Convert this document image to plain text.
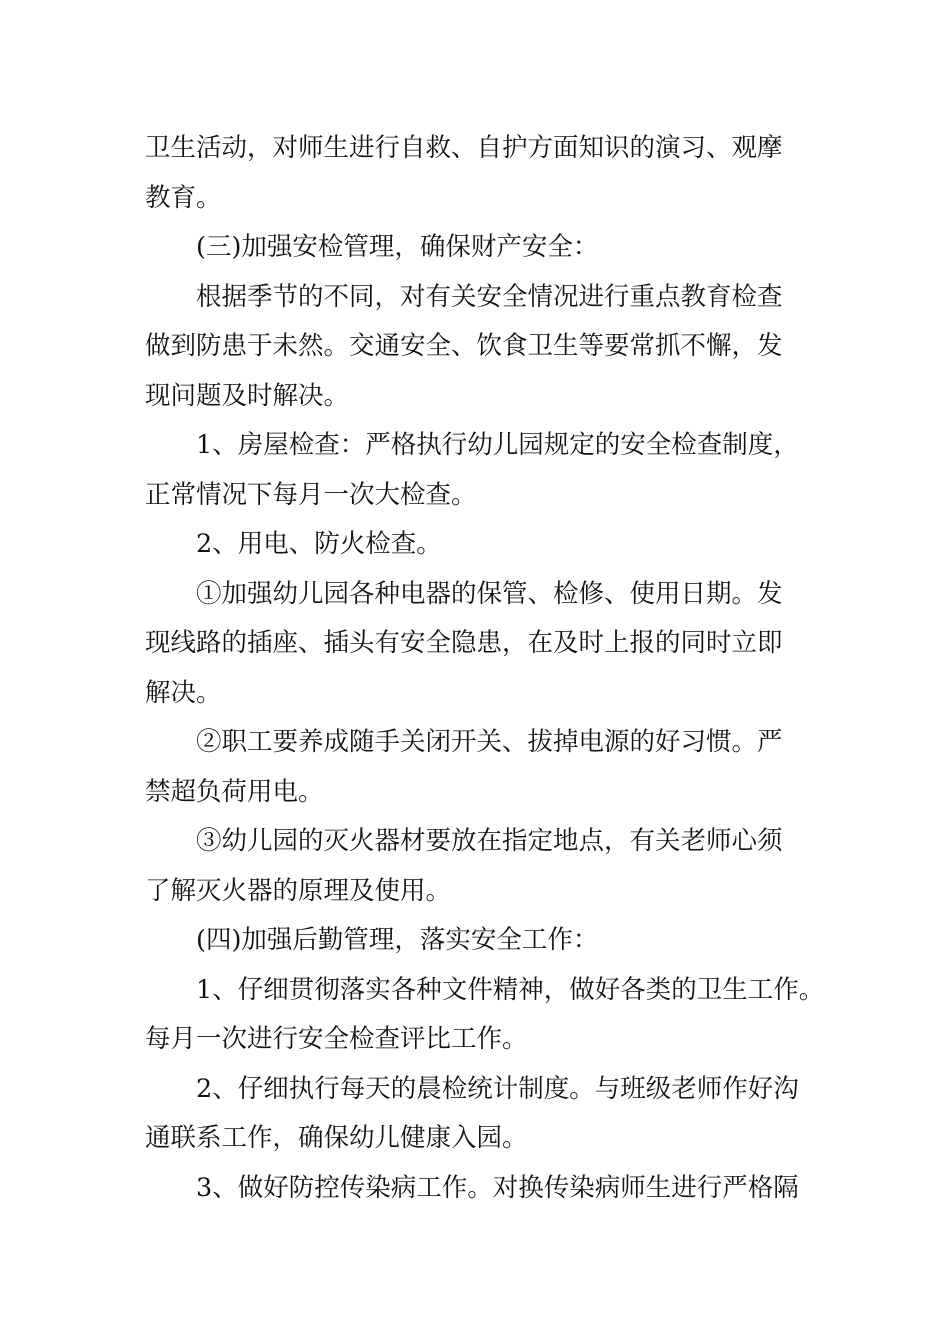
卫生活动，对师生进行自救、自护方面知识的演习、观摩
教育。
(三)加强安检管理，确保财产安全：
根据季节的不同，对有关安全情况进行重点教育检查
做到防患于未然。交通安全、饮食卫生等要常抓不懈，发
现问题及时解决。
1、房屋检查：严格执行幼儿园规定的安全检查制度，
正常情况下每月一次大检查。
2、用电、防火检查。
①加强幼儿园各种电器的保管、检修、使用日期。发
现线路的插座、插头有安全隐患，在及时上报的同时立即
解决。
②职工要养成随手关闭开关、拔掉电源的好习惯。严
禁超负荷用电。
③幼儿园的灭火器材要放在指定地点，有关老师心须
了解灭火器的原理及使用。
(四)加强后勤管理，落实安全工作：
1、仔细贯彻落实各种文件精神，做好各类的卫生工作。
每月一次进行安全检查评比工作。
2、仔细执行每天的晨检统计制度。与班级老师作好沟
通联系工作，确保幼儿健康入园。
3、做好防控传染病工作。对换传染病师生进行严格隔
